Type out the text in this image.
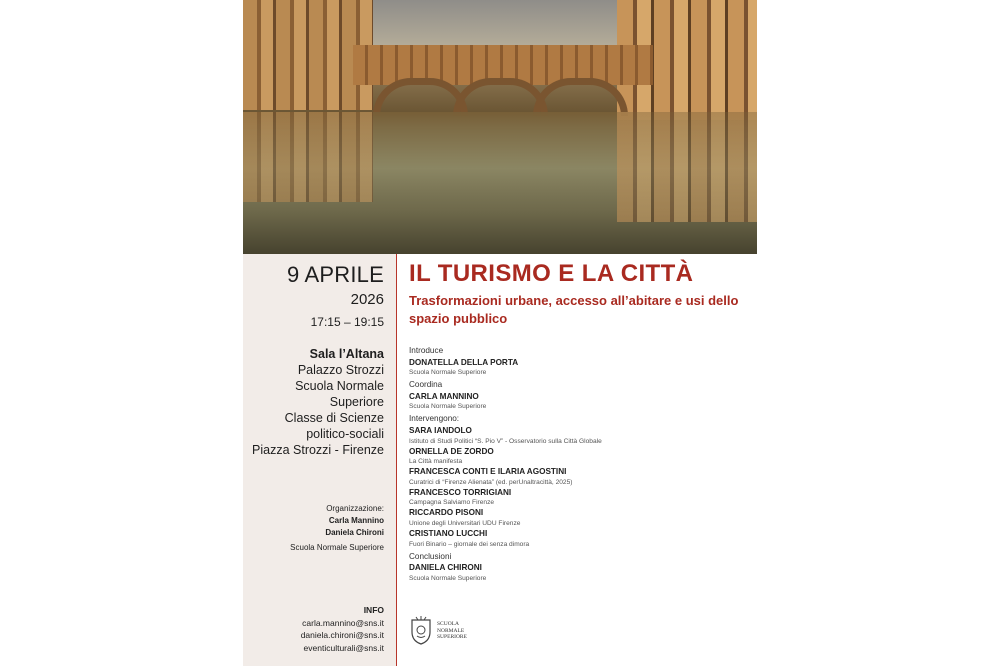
9 APRILE
2026
17:15 – 19:15
Sala l’Altana
Palazzo Strozzi
Scuola Normale Superiore
Classe di Scienze
politico-sociali
Piazza Strozzi - Firenze
Organizzazione:
Carla Mannino
Daniela Chironi
Scuola Normale Superiore
INFO
carla.mannino@sns.it
daniela.chironi@sns.it
eventiculturali@sns.it
IL TURISMO E LA CITTÀ
Trasformazioni urbane, accesso all’abitare e usi dello spazio pubblico
Introduce
DONATELLA DELLA PORTA
Scuola Normale Superiore
Coordina
CARLA MANNINO
Scuola Normale Superiore
Intervengono:
SARA IANDOLO
Istituto di Studi Politici “S. Pio V” - Osservatorio sulla Città Globale
ORNELLA DE ZORDO
La Città manifesta
FRANCESCA CONTI E ILARIA AGOSTINI
Curatrici di “Firenze Alienata” (ed. perUnaltracittà, 2025)
FRANCESCO TORRIGIANI
Campagna Salviamo Firenze
RICCARDO PISONI
Unione degli Universitari UDU Firenze
CRISTIANO LUCCHI
Fuori Binario – giornale dei senza dimora
Conclusioni
DANIELA CHIRONI
Scuola Normale Superiore
SCUOLA
NORMALE
SUPERIORE
